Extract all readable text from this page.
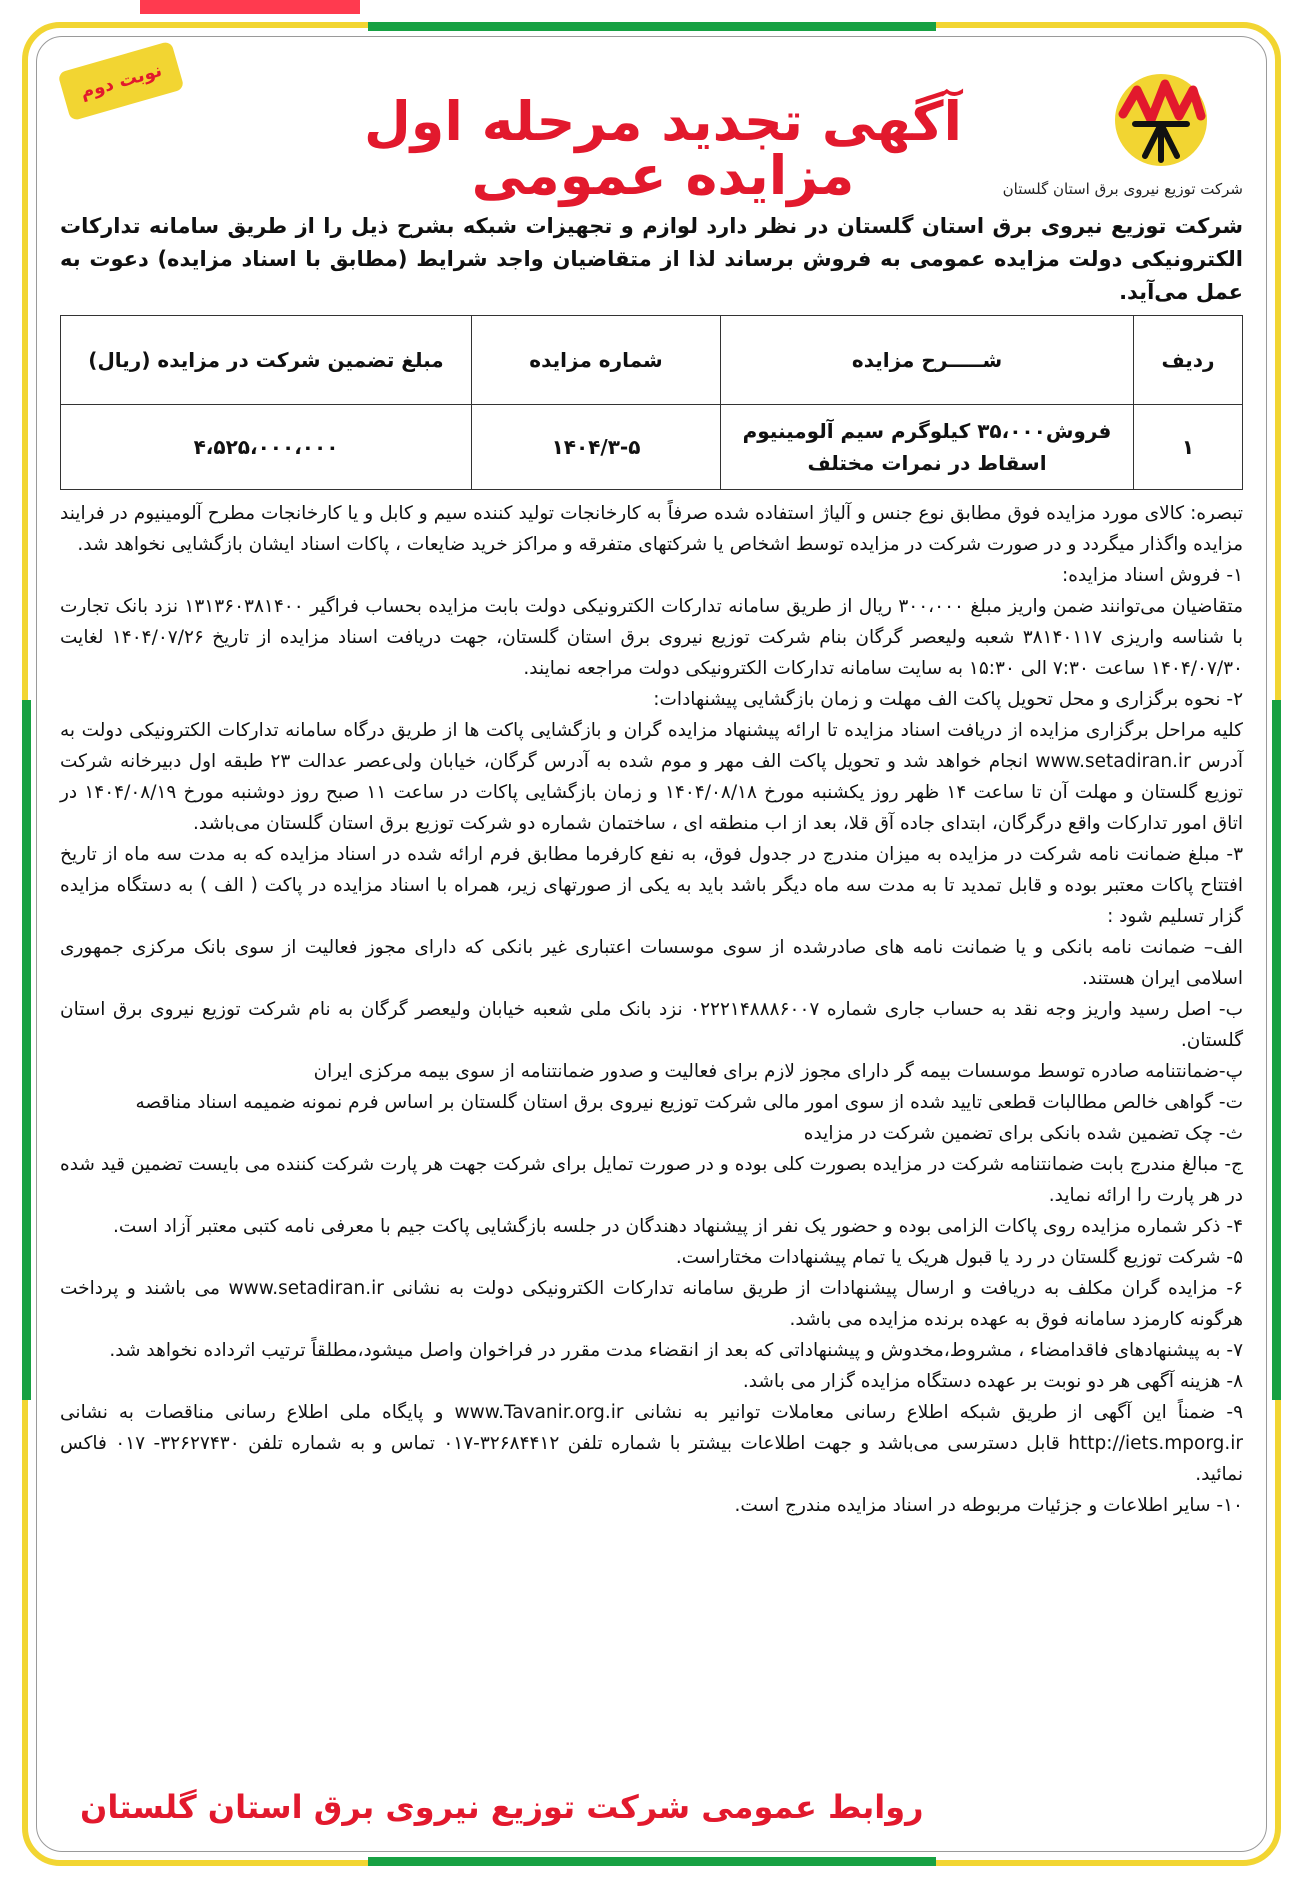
شرکت توزیع نیروی برق استان گلستان
آگهی تجدید مرحله اول مزایده عمومی
نوبت دوم

شرکت توزیع نیروی برق استان گلستان در نظر دارد لوازم و تجهیزات شبکه بشرح ذیل را از طریق سامانه تدارکات الکترونیکی دولت مزایده عمومی به فروش برساند لذا از متقاضیان واجد شرایط (مطابق با اسناد مزایده) دعوت به عمل می‌آید.

ردیف	شـــــرح مزایده	شماره مزایده	مبلغ تضمین شرکت در مزایده (ریال)
۱	فروش۳۵،۰۰۰ کیلوگرم سیم آلومینیوم اسقاط در نمرات مختلف	۱۴۰۴/۳-۵	۴،۵۲۵،۰۰۰،۰۰۰

تبصره: کالای مورد مزایده فوق مطابق نوع جنس و آلیاژ استفاده شده صرفاً به کارخانجات تولید کننده سیم و کابل و یا کارخانجات مطرح آلومینیوم در فرایند مزایده واگذار میگردد و در صورت شرکت در مزایده توسط اشخاص یا شرکتهای متفرقه و مراکز خرید ضایعات ، پاکات اسناد ایشان بازگشایی نخواهد شد.

۱- فروش اسناد مزایده:

متقاضیان می‌توانند ضمن واریز مبلغ ۳۰۰،۰۰۰ ریال از طریق سامانه تدارکات الکترونیکی دولت بابت مزایده بحساب فراگیر ۱۳۱۳۶۰۳۸۱۴۰۰ نزد بانک تجارت با شناسه واریزی ۳۸۱۴۰۱۱۷ شعبه ولیعصر گرگان بنام شرکت توزیع نیروی برق استان گلستان، جهت دریافت اسناد مزایده از تاریخ ۱۴۰۴/۰۷/۲۶ لغایت ۱۴۰۴/۰۷/۳۰ ساعت ۷:۳۰ الی ۱۵:۳۰ به سایت سامانه تدارکات الکترونیکی دولت مراجعه نمایند.

۲- نحوه برگزاری و محل تحویل پاکت الف مهلت و زمان بازگشایی پیشنهادات:

کلیه مراحل برگزاری مزایده از دریافت اسناد مزایده تا ارائه پیشنهاد مزایده گران و بازگشایی پاکت ها از طریق درگاه سامانه تدارکات الکترونیکی دولت به آدرس www.setadiran.ir انجام خواهد شد و تحویل پاکت الف مهر و موم شده به آدرس گرگان، خیابان ولی‌عصر عدالت ۲۳ طبقه اول دبیرخانه شرکت توزیع گلستان و مهلت آن تا ساعت ۱۴ ظهر روز یکشنبه مورخ ۱۴۰۴/۰۸/۱۸ و زمان بازگشایی پاکات در ساعت ۱۱ صبح روز دوشنبه مورخ ۱۴۰۴/۰۸/۱۹ در اتاق امور تدارکات واقع درگرگان، ابتدای جاده آق قلا، بعد از اب منطقه ای ، ساختمان شماره دو شرکت توزیع برق استان گلستان می‌باشد.

۳- مبلغ ضمانت نامه شرکت در مزایده به میزان مندرج در جدول فوق، به نفع کارفرما مطابق فرم ارائه شده در اسناد مزایده که به مدت سه ماه از تاریخ افتتاح پاکات معتبر بوده و قابل تمدید تا به مدت سه ماه دیگر باشد باید به یکی از صورتهای زیر، همراه با اسناد مزایده در پاکت ( الف ) به دستگاه مزایده گزار تسلیم شود :

الف– ضمانت نامه بانکی و یا ضمانت نامه های صادرشده از سوی موسسات اعتباری غیر بانکی که دارای مجوز فعالیت از سوی بانک مرکزی جمهوری اسلامی ایران هستند.

ب- اصل رسید واریز وجه نقد به حساب جاری شماره ۰۲۲۲۱۴۸۸۸۶۰۰۷ نزد بانک ملی شعبه خیابان ولیعصر گرگان به نام شرکت توزیع نیروی برق استان گلستان.

پ-ضمانتنامه صادره توسط موسسات بیمه گر دارای مجوز لازم برای فعالیت و صدور ضمانتنامه از سوی بیمه مرکزی ایران

ت- گواهی خالص مطالبات قطعی تایید شده از سوی امور مالی شرکت توزیع نیروی برق استان گلستان بر اساس فرم نمونه ضمیمه اسناد مناقصه

ث- چک تضمین شده بانکی برای تضمین شرکت در مزایده

ج- مبالغ مندرج بابت ضمانتنامه شرکت در مزایده بصورت کلی بوده و در صورت تمایل برای شرکت جهت هر پارت شرکت کننده می بایست تضمین قید شده در هر پارت را ارائه نماید.

۴- ذکر شماره مزایده روی پاکات الزامی بوده و حضور یک نفر از پیشنهاد دهندگان در جلسه بازگشایی پاکت جیم با معرفی نامه کتبی معتبر آزاد است.

۵- شرکت توزیع گلستان در رد یا قبول هریک یا تمام پیشنهادات مختاراست.

۶- مزایده گران مکلف به دریافت و ارسال پیشنهادات از طریق سامانه تدارکات الکترونیکی دولت به نشانی www.setadiran.ir می باشند و پرداخت هرگونه کارمزد سامانه فوق به عهده برنده مزایده می باشد.

۷- به پیشنهادهای فاقدامضاء ، مشروط،مخدوش و پیشنهاداتی که بعد از انقضاء مدت مقرر در فراخوان واصل میشود،مطلقاً ترتیب اثرداده نخواهد شد.

۸- هزینه آگهی هر دو نوبت بر عهده دستگاه مزایده گزار می باشد.

۹- ضمناً این آگهی از طریق شبکه اطلاع رسانی معاملات توانیر به نشانی www.Tavanir.org.ir و پایگاه ملی اطلاع رسانی مناقصات به نشانی http://iets.mporg.ir قابل دسترسی می‌باشد و جهت اطلاعات بیشتر با شماره تلفن ۳۲۶۸۴۴۱۲-۰۱۷ تماس و به شماره تلفن ۳۲۶۲۷۴۳۰- ۰۱۷ فاکس نمائید.

۱۰- سایر اطلاعات و جزئیات مربوطه در اسناد مزایده مندرج است.

روابط عمومی شرکت توزیع نیروی برق استان گلستان
